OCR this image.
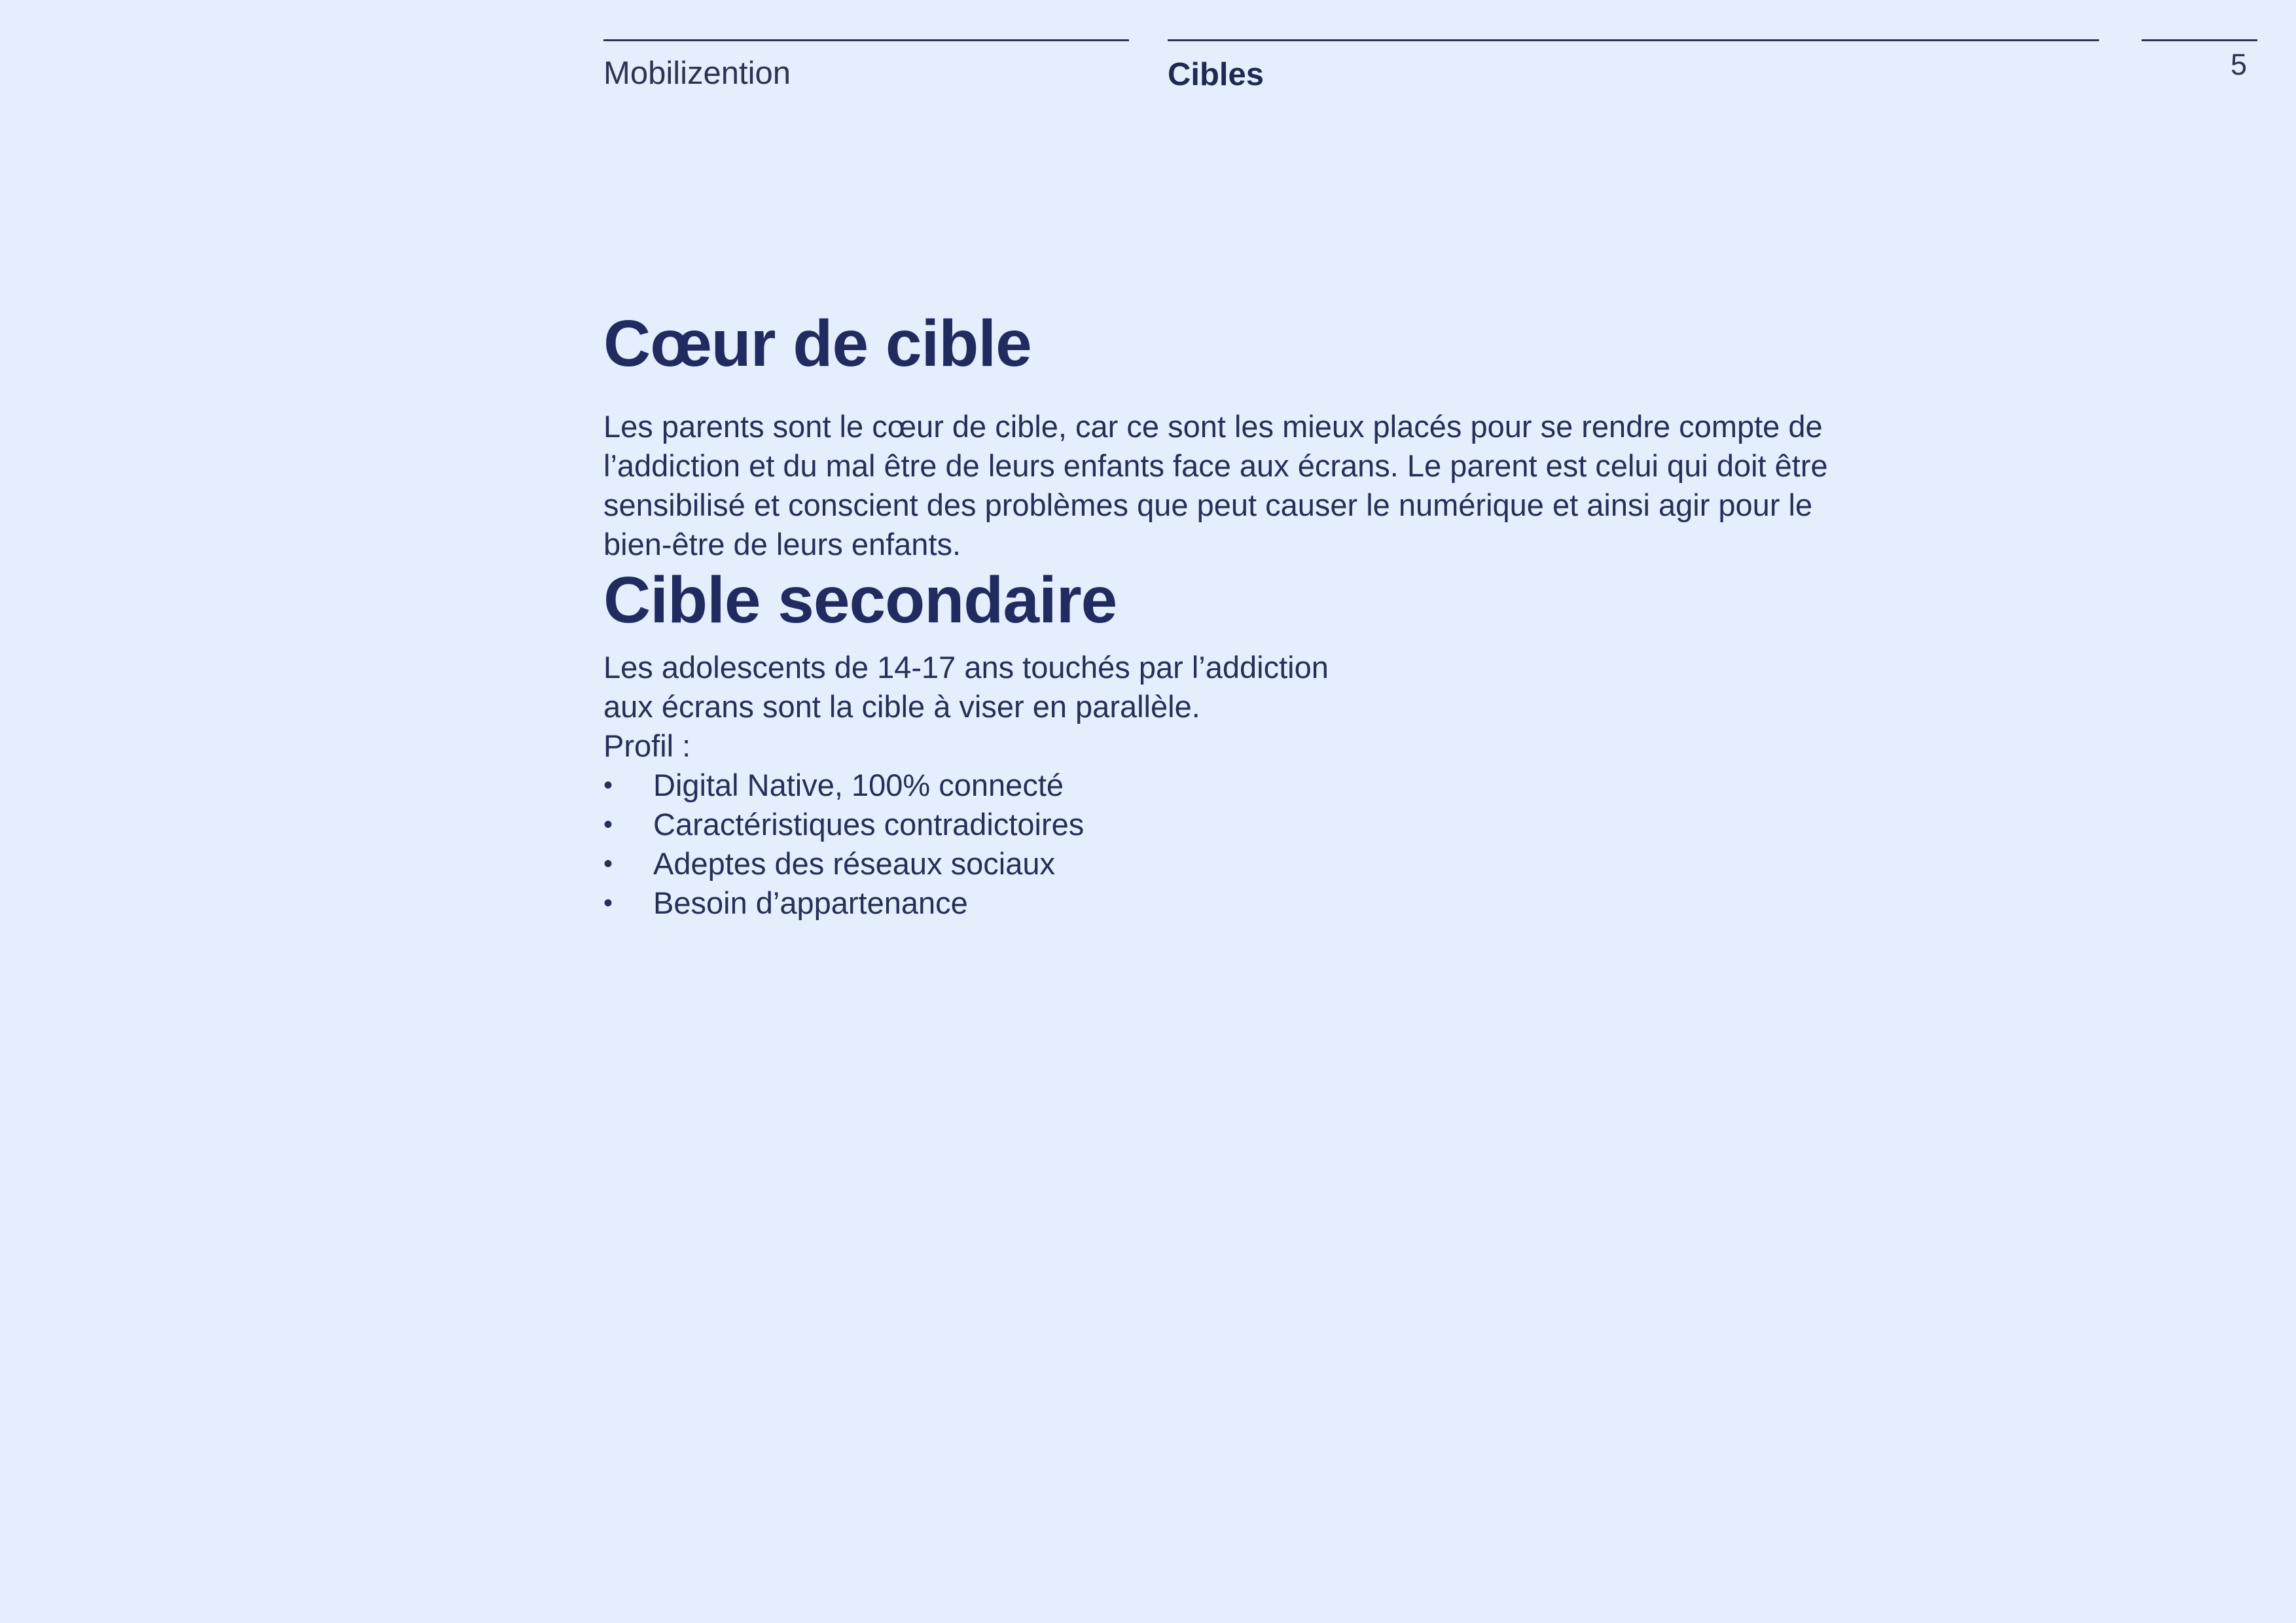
Mobilizention	Cibles	5
Cœur de cible

Les parents sont le cœur de cible, car ce sont les mieux placés pour se rendre compte de l’addiction et du mal être de leurs enfants face aux écrans. Le parent est celui qui doit être sensibilisé et conscient des problèmes que peut causer le numérique et ainsi agir pour le bien-être de leurs enfants.

Cible secondaire

Les adolescents de 14-17 ans touchés par l’addiction aux écrans sont la cible à viser en parallèle.

Profil :

• Digital Native, 100% connecté
• Caractéristiques contradictoires
• Adeptes des réseaux sociaux
• Besoin d’appartenance
